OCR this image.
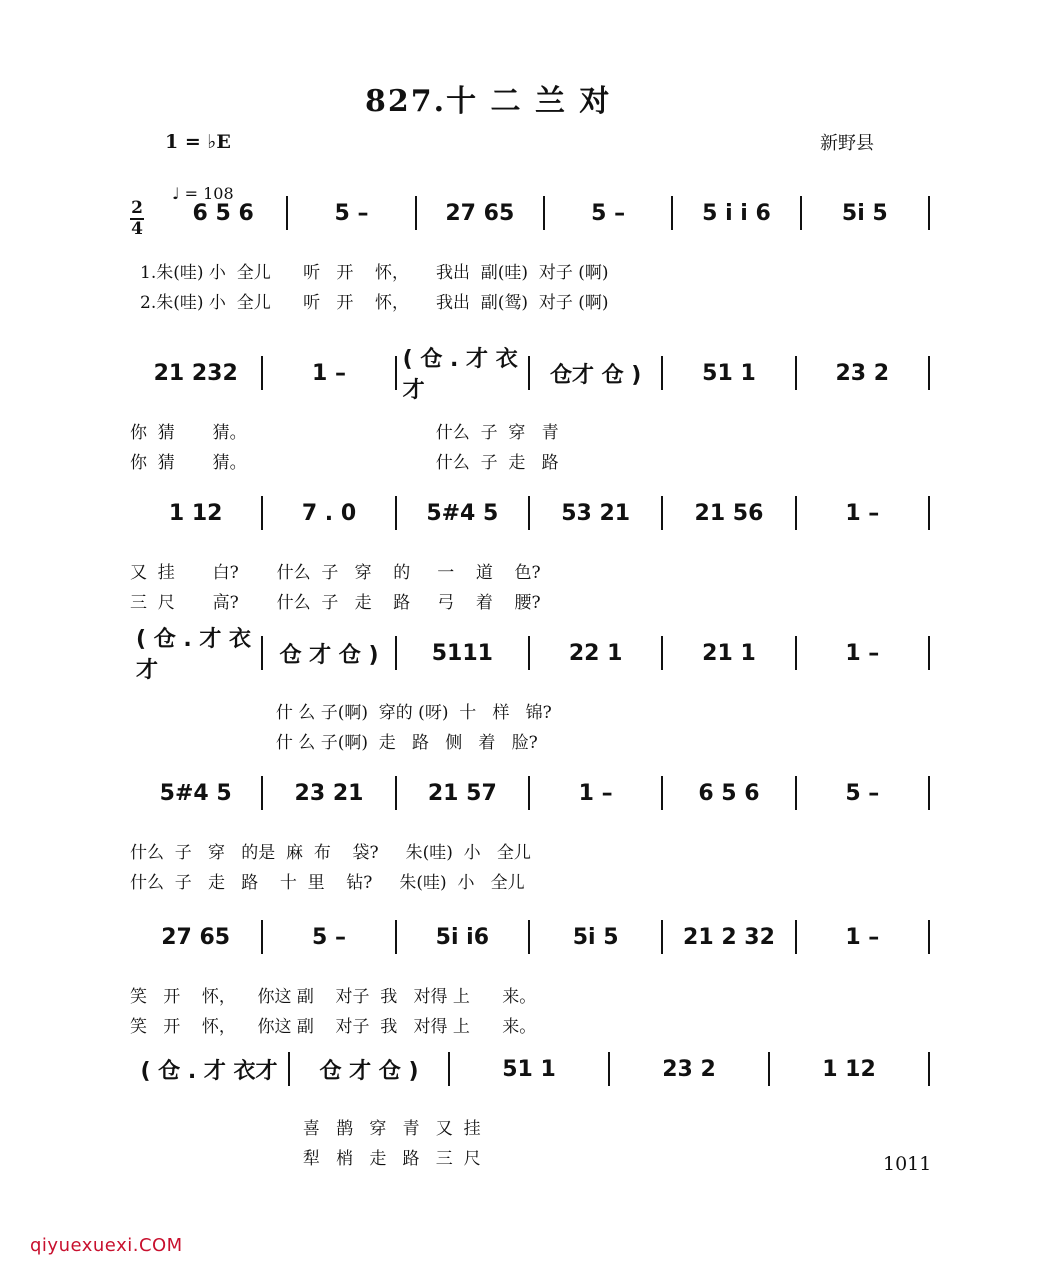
827.十 二 兰 对
1 = ♭E	新野县
♩ = 108
2
4
6 5 6	5 –	27 65	5 –	5 i i 6	5i 5
1.朱(哇) 小  全儿      听   开    怀，     我出  副(哇)  对子 (啊)
2.朱(哇) 小  全儿      听   开    怀，     我出  副(鸳)  对子 (啊)
21 232	1 –
( 仓 . 才 衣才
仓才 仓 )	51 1	23 2
你  猜       猜。                                   什么  子  穿   青
你  猜       猜。                                   什么  子  走   路
1 12	7 . 0	5#4 5	53 21	21 56	1 –
又  挂       白?       什么  子   穿    的     一    道    色?
三  尺       高?       什么  子   走    路     弓    着    腰?
( 仓 . 才 衣才
仓 才 仓 )	5111	22 1	21 1	1 –
什 么 子(啊)  穿的 (呀)  十   样   锦?
什 么 子(啊)  走   路   侧   着   脸?
5#4 5	23 21	21 57	1 –	6 5 6	5 –
什么  子   穿   的是  麻  布    袋?     朱(哇)  小   全儿
什么  子   走   路    十  里    钻?     朱(哇)  小   全儿
27 65	5 –	5i i6	5i 5	21 2 32	1 –
笑   开    怀，    你这 副    对子  我   对得 上      来。
笑   开    怀，    你这 副    对子  我   对得 上      来。
( 仓 . 才 衣才	仓 才 仓 )	51 1	23 2	1 12
喜   鹊   穿   青   又  挂
犁   梢   走   路   三  尺	1011
qiyuexuexi.COM
